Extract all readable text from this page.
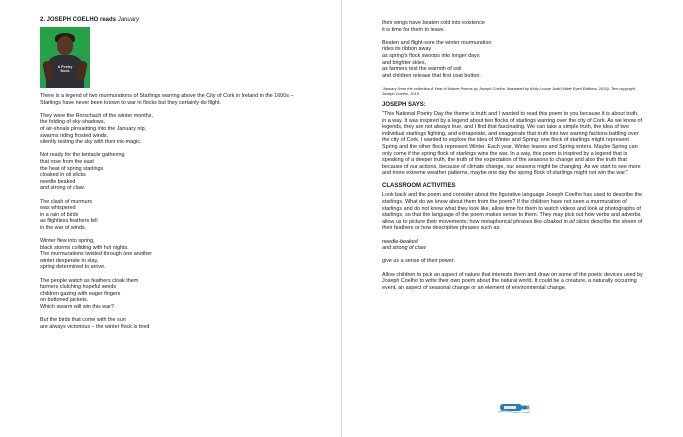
2. JOSEPH COELHO reads January
A Poetry Book

There is a legend of two murmurations of Starlings warring above the City of Cork in Ireland in the 1600s – Starlings have never been known to war in flocks but they certainly do flight.

They were the Rorschach of the winter months,
the folding of sky-shadows,
of air-shoals pirouetting into the January nip,
swarms riding frosted winds,
silently testing the sky with their ink-magic.
Not ready for the tentacle gathering
that rose from the east
the heat of spring starlings
cloaked in oil slicks
needle beaked
and strong of claw.
The clash of murmurs
was whispered
in a rain of birds
as flightless feathers fell
in the war of winds.
Winter flew into spring,
black storms colliding with hot nights.
The murmurations twisted through one another
winter desperate to stay,
spring determined to arrive.
The people watch as feathers cloak them
farmers clutching hopeful seeds
children gazing with eager fingers
on buttoned jackets.
Which swarm will win this war?
But the birds that come with the sun
are always victorious – the winter flock is tired
their wings have beaten cold into existence
it is time for them to leave.
Beaten and flight-sore the winter murmuration
rides its ribbon away
as spring's flock swoops into longer days
and brighter skies,
as farmers test the warmth of soil
and children release that first coat button.
'January' from the collection A Year of Nature Poems by Joseph Coelho, illustrated by Kelly Louise Judd (Wide Eyed Editions, 2019). Text copyright Joseph Coelho, 2019
JOSEPH SAYS:

"This National Poetry Day the theme is truth and I wanted to read this poem to you because it is about truth, in a way. It was inspired by a legend about two flocks of starlings warring over the city of Cork. As we know of legends, they are not always true, and I find that fascinating. We can take a simple truth, the idea of two individual starlings fighting, and extrapolate, and exaggerate that truth into two warring factions battling over the city of Cork. I wanted to explore the idea of Winter and Spring: one flock of starlings might represent Spring and the other flock represent Winter. Each year, Winter leaves and Spring enters. Maybe Spring can only come if the spring flock of starlings wins the war. In a way, this poem is inspired by a legend that is speaking of a deeper truth, the truth of the expectation of the seasons to change and also the truth that because of our actions, because of climate change, our seasons might be changing. As we start to see more and more extreme weather patterns, maybe one day the spring flock of starlings might not win the war."

CLASSROOM ACTIVITIES

Look back and the poem and consider about the figurative language Joseph Coelho has used to describe the starlings. What do we know about them from the poem? If the children have not seen a murmuration of starlings and do not know what they look like, allow time for them to watch videos and look at photographs of starlings, so that the language of the poem makes sense to them. They may pick out how verbs and adverbs allow us to picture their movements; how metaphorical phrases like cloaked in oil slicks describe the sheen of their feathers or how descriptive phrases such as:

needle-beaked
and strong of claw

give us a sense of their power.

Allow children to pick an aspect of nature that interests them and draw on some of the poetic devices used by Joseph Coelho to write their own poem about the natural world. It could be a creature, a naturally occurring event, an aspect of seasonal change or an element of environmental change.
